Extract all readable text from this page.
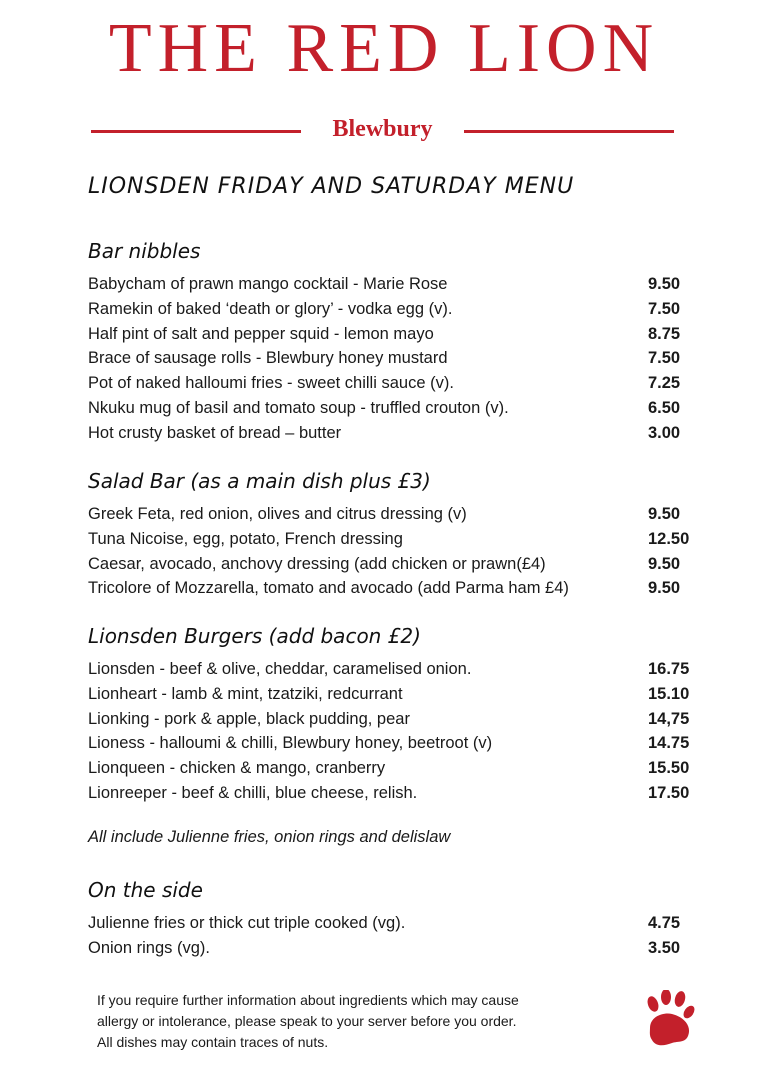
THE RED LION
Blewbury
LIONSDEN FRIDAY AND SATURDAY MENU
Bar nibbles
Babycham of prawn mango cocktail - Marie Rose	9.50
Ramekin of baked ‘death or glory’ - vodka egg (v).	7.50
Half pint of salt and pepper squid - lemon mayo	8.75
Brace of sausage rolls - Blewbury honey mustard	7.50
Pot of naked halloumi fries - sweet chilli sauce (v).	7.25
Nkuku mug of basil and tomato soup - truffled crouton (v).	6.50
Hot crusty basket of bread – butter	3.00
Salad Bar (as a main dish plus £3)
Greek Feta, red onion, olives and citrus dressing (v)	9.50
Tuna Nicoise, egg, potato, French dressing	12.50
Caesar, avocado, anchovy dressing (add chicken or prawn(£4)	9.50
Tricolore of Mozzarella, tomato and avocado (add Parma ham £4)	9.50
Lionsden Burgers (add bacon £2)
Lionsden - beef & olive, cheddar, caramelised onion.	16.75
Lionheart - lamb & mint, tzatziki, redcurrant	15.10
Lionking - pork & apple, black pudding, pear	14,75
Lioness - halloumi & chilli, Blewbury honey, beetroot (v)	14.75
Lionqueen - chicken & mango, cranberry	15.50
Lionreeper - beef & chilli, blue cheese, relish.	17.50
All include Julienne fries, onion rings and delislaw
On the side
Julienne fries or thick cut triple cooked (vg).	4.75
Onion rings (vg).	3.50
If you require further information about ingredients which may cause
allergy or intolerance, please speak to your server before you order.
All dishes may contain traces of nuts.
